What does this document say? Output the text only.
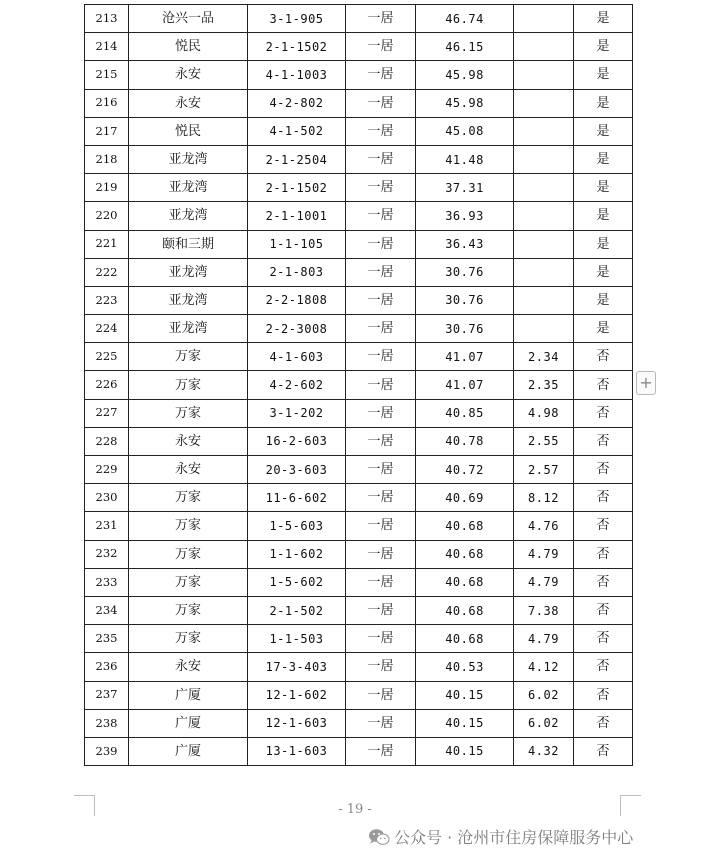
213	沧兴一品	3-1-905	一居	46.74		是
214	悦民	2-1-1502	一居	46.15		是
215	永安	4-1-1003	一居	45.98		是
216	永安	4-2-802	一居	45.98		是
217	悦民	4-1-502	一居	45.08		是
218	亚龙湾	2-1-2504	一居	41.48		是
219	亚龙湾	2-1-1502	一居	37.31		是
220	亚龙湾	2-1-1001	一居	36.93		是
221	颐和三期	1-1-105	一居	36.43		是
222	亚龙湾	2-1-803	一居	30.76		是
223	亚龙湾	2-2-1808	一居	30.76		是
224	亚龙湾	2-2-3008	一居	30.76		是
225	万家	4-1-603	一居	41.07	2.34	否
226	万家	4-2-602	一居	41.07	2.35	否
227	万家	3-1-202	一居	40.85	4.98	否
228	永安	16-2-603	一居	40.78	2.55	否
229	永安	20-3-603	一居	40.72	2.57	否
230	万家	11-6-602	一居	40.69	8.12	否
231	万家	1-5-603	一居	40.68	4.76	否
232	万家	1-1-602	一居	40.68	4.79	否
233	万家	1-5-602	一居	40.68	4.79	否
234	万家	2-1-502	一居	40.68	7.38	否
235	万家	1-1-503	一居	40.68	4.79	否
236	永安	17-3-403	一居	40.53	4.12	否
237	广厦	12-1-602	一居	40.15	6.02	否
238	广厦	12-1-603	一居	40.15	6.02	否
239	广厦	13-1-603	一居	40.15	4.32	否
+
- 19 -
公众号 · 沧州市住房保障服务中心
